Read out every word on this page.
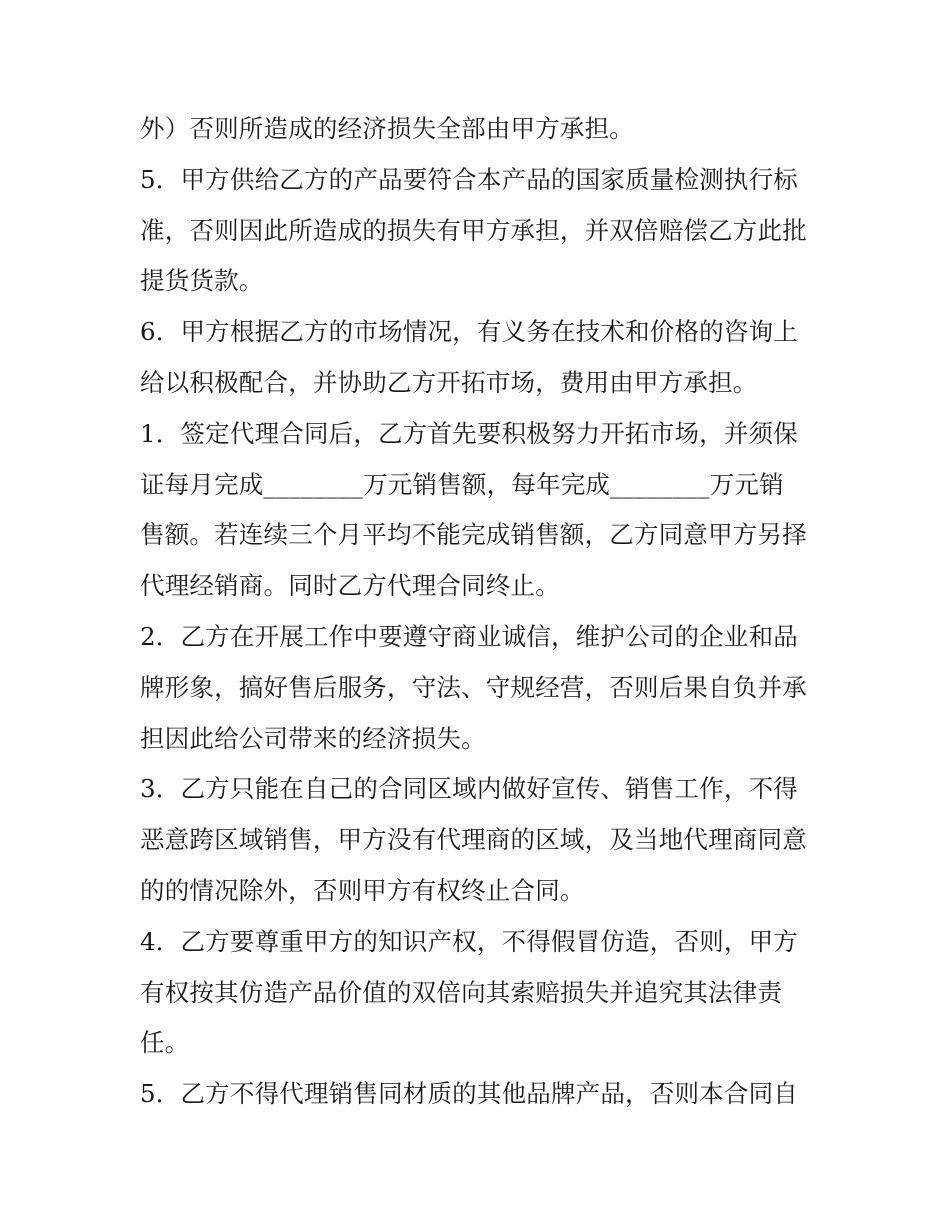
外）否则所造成的经济损失全部由甲方承担。
5．甲方供给乙方的产品要符合本产品的国家质量检测执行标
准，否则因此所造成的损失有甲方承担，并双倍赔偿乙方此批
提货货款。
6．甲方根据乙方的市场情况，有义务在技术和价格的咨询上
给以积极配合，并协助乙方开拓市场，费用由甲方承担。
1．签定代理合同后，乙方首先要积极努力开拓市场，并须保
证每月完成________万元销售额，每年完成________万元销
售额。若连续三个月平均不能完成销售额，乙方同意甲方另择
代理经销商。同时乙方代理合同终止。
2．乙方在开展工作中要遵守商业诚信，维护公司的企业和品
牌形象，搞好售后服务，守法、守规经营，否则后果自负并承
担因此给公司带来的经济损失。
3．乙方只能在自己的合同区域内做好宣传、销售工作，不得
恶意跨区域销售，甲方没有代理商的区域，及当地代理商同意
的的情况除外，否则甲方有权终止合同。
4．乙方要尊重甲方的知识产权，不得假冒仿造，否则，甲方
有权按其仿造产品价值的双倍向其索赔损失并追究其法律责
任。
5．乙方不得代理销售同材质的其他品牌产品，否则本合同自
